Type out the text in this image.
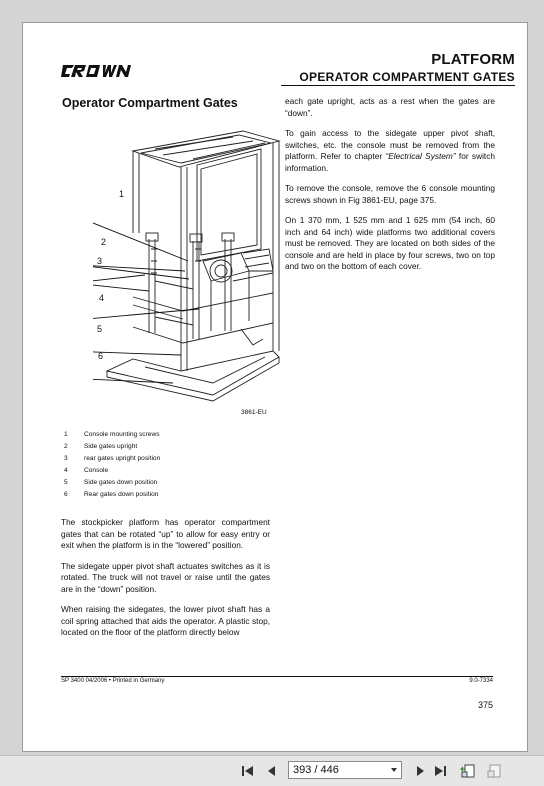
PLATFORM
OPERATOR COMPARTMENT GATES
Operator Compartment Gates
1
2
3
4
5
6
3861-EU
1	Console mounting screws
2	Side gates upright
3	rear gates upright position
4	Console
5	Side gates down position
6	Rear gates down position

The stockpicker platform has operator compartment gates that can be rotated “up” to allow for easy entry or exit when the platform is in the “lowered” position.

The sidegate upper pivot shaft actuates switches as it is rotated. The truck will not travel or raise until the gates are in the “down” position.

When raising the sidegates, the lower pivot shaft has a coil spring attached that aids the operator. A plastic stop, located on the floor of the platform directly below

each gate upright, acts as a rest when the gates are “down”.

To gain access to the sidegate upper pivot shaft, switches, etc. the console must be removed from the platform. Refer to chapter “Electrical System” for switch information.

To remove the console, remove the 6 console mounting screws shown in Fig 3861-EU, page 375.

On 1 370 mm, 1 525 mm and 1 625 mm (54 inch, 60 inch and 64 inch) wide platforms two additional covers must be removed. They are located on both sides of the console and are held in place by four screws, two on top and two on the bottom of each cover.

SP 3400 04/2006 • Printed in Germany	9.0-7334
375
393 / 446
